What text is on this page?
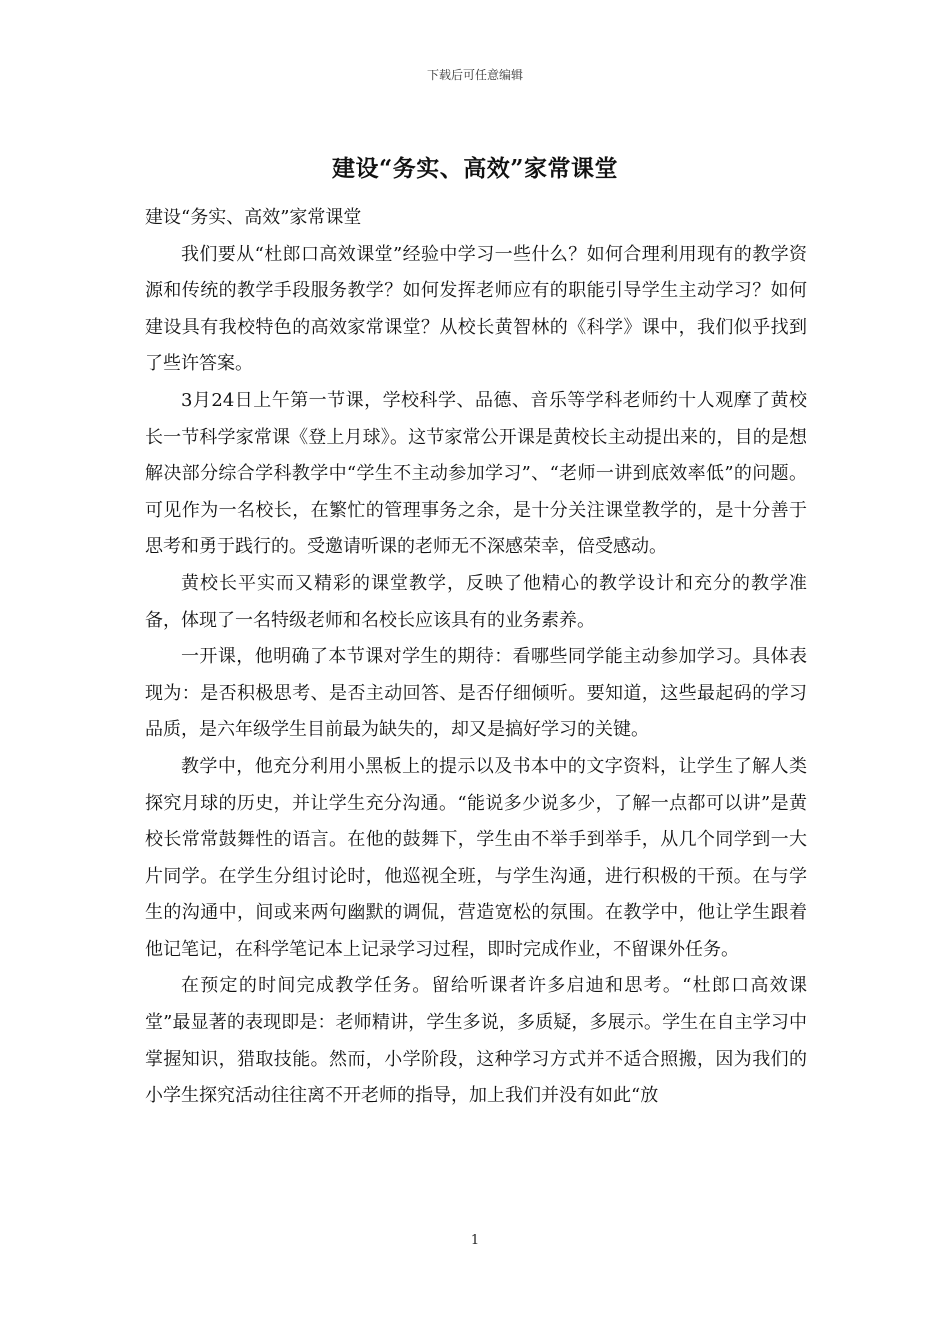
下载后可任意编辑
建设“务实、高效”家常课堂

建设“务实、高效”家常课堂

我们要从“杜郎口高效课堂”经验中学习一些什么？如何合理利用现有的教学资源和传统的教学手段服务教学？如何发挥老师应有的职能引导学生主动学习？如何建设具有我校特色的高效家常课堂？从校长黄智林的《科学》课中，我们似乎找到了些许答案。

3月24日上午第一节课，学校科学、品德、音乐等学科老师约十人观摩了黄校长一节科学家常课《登上月球》。这节家常公开课是黄校长主动提出来的，目的是想解决部分综合学科教学中“学生不主动参加学习”、“老师一讲到底效率低”的问题。可见作为一名校长，在繁忙的管理事务之余，是十分关注课堂教学的，是十分善于思考和勇于践行的。受邀请听课的老师无不深感荣幸，倍受感动。

黄校长平实而又精彩的课堂教学，反映了他精心的教学设计和充分的教学准备，体现了一名特级老师和名校长应该具有的业务素养。

一开课，他明确了本节课对学生的期待：看哪些同学能主动参加学习。具体表现为：是否积极思考、是否主动回答、是否仔细倾听。要知道，这些最起码的学习品质，是六年级学生目前最为缺失的，却又是搞好学习的关键。

教学中，他充分利用小黑板上的提示以及书本中的文字资料，让学生了解人类探究月球的历史，并让学生充分沟通。“能说多少说多少，了解一点都可以讲”是黄校长常常鼓舞性的语言。在他的鼓舞下，学生由不举手到举手，从几个同学到一大片同学。在学生分组讨论时，他巡视全班，与学生沟通，进行积极的干预。在与学生的沟通中，间或来两句幽默的调侃，营造宽松的氛围。在教学中，他让学生跟着他记笔记，在科学笔记本上记录学习过程，即时完成作业，不留课外任务。

在预定的时间完成教学任务。留给听课者许多启迪和思考。“杜郎口高效课堂”最显著的表现即是：老师精讲，学生多说，多质疑，多展示。学生在自主学习中掌握知识，猎取技能。然而，小学阶段，这种学习方式并不适合照搬，因为我们的小学生探究活动往往离不开老师的指导，加上我们并没有如此“放

1
